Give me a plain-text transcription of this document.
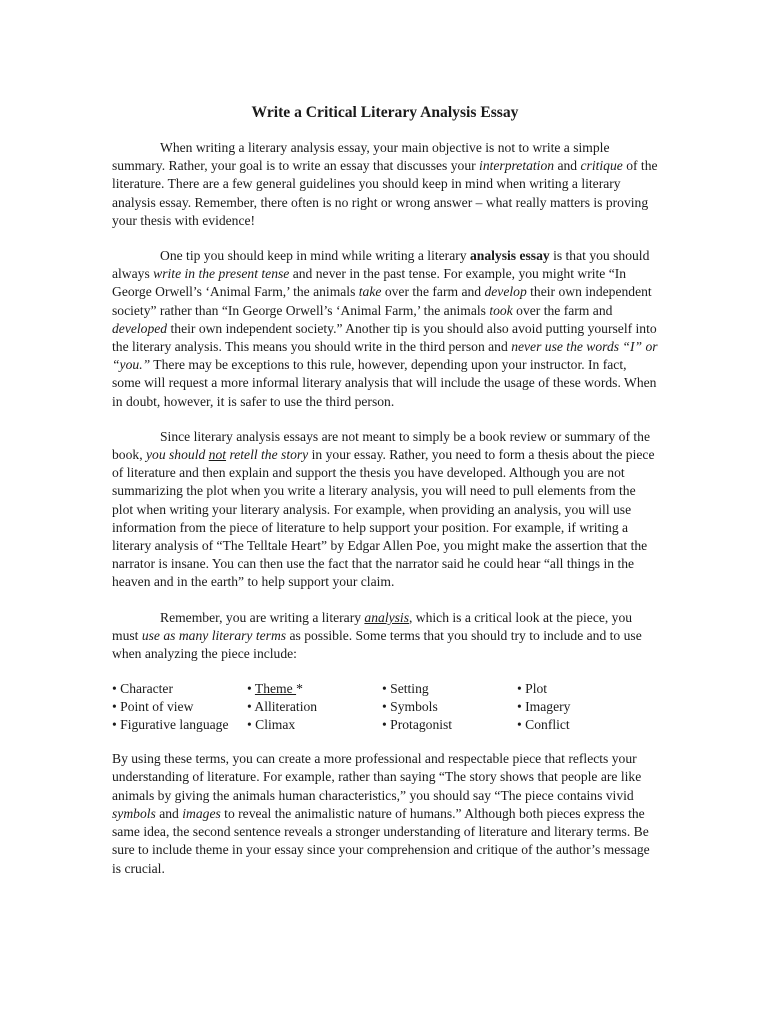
Write a Critical Literary Analysis Essay

When writing a literary analysis essay, your main objective is not to write a simple summary. Rather, your goal is to write an essay that discusses your interpretation and critique of the literature. There are a few general guidelines you should keep in mind when writing a literary analysis essay. Remember, there often is no right or wrong answer – what really matters is proving your thesis with evidence!

One tip you should keep in mind while writing a literary analysis essay is that you should always write in the present tense and never in the past tense. For example, you might write “In George Orwell’s ‘Animal Farm,’ the animals take over the farm and develop their own independent society” rather than “In George Orwell’s ‘Animal Farm,’ the animals took over the farm and developed their own independent society.” Another tip is you should also avoid putting yourself into the literary analysis. This means you should write in the third person and never use the words “I” or “you.” There may be exceptions to this rule, however, depending upon your instructor. In fact, some will request a more informal literary analysis that will include the usage of these words. When in doubt, however, it is safer to use the third person.

Since literary analysis essays are not meant to simply be a book review or summary of the book, you should not retell the story in your essay. Rather, you need to form a thesis about the piece of literature and then explain and support the thesis you have developed. Although you are not summarizing the plot when you write a literary analysis, you will need to pull elements from the plot when writing your literary analysis. For example, when providing an analysis, you will use information from the piece of literature to help support your position. For example, if writing a literary analysis of “The Telltale Heart” by Edgar Allen Poe, you might make the assertion that the narrator is insane. You can then use the fact that the narrator said he could hear “all things in the heaven and in the earth” to help support your claim.

Remember, you are writing a literary analysis, which is a critical look at the piece, you must use as many literary terms as possible. Some terms that you should try to include and to use when analyzing the piece include:

• Character	• Theme *	• Setting	• Plot
• Point of view	• Alliteration	• Symbols	• Imagery
• Figurative language	• Climax	• Protagonist	• Conflict

By using these terms, you can create a more professional and respectable piece that reflects your understanding of literature. For example, rather than saying “The story shows that people are like animals by giving the animals human characteristics,” you should say “The piece contains vivid symbols and images to reveal the animalistic nature of humans.” Although both pieces express the same idea, the second sentence reveals a stronger understanding of literature and literary terms. Be sure to include theme in your essay since your comprehension and critique of the author’s message is crucial.
